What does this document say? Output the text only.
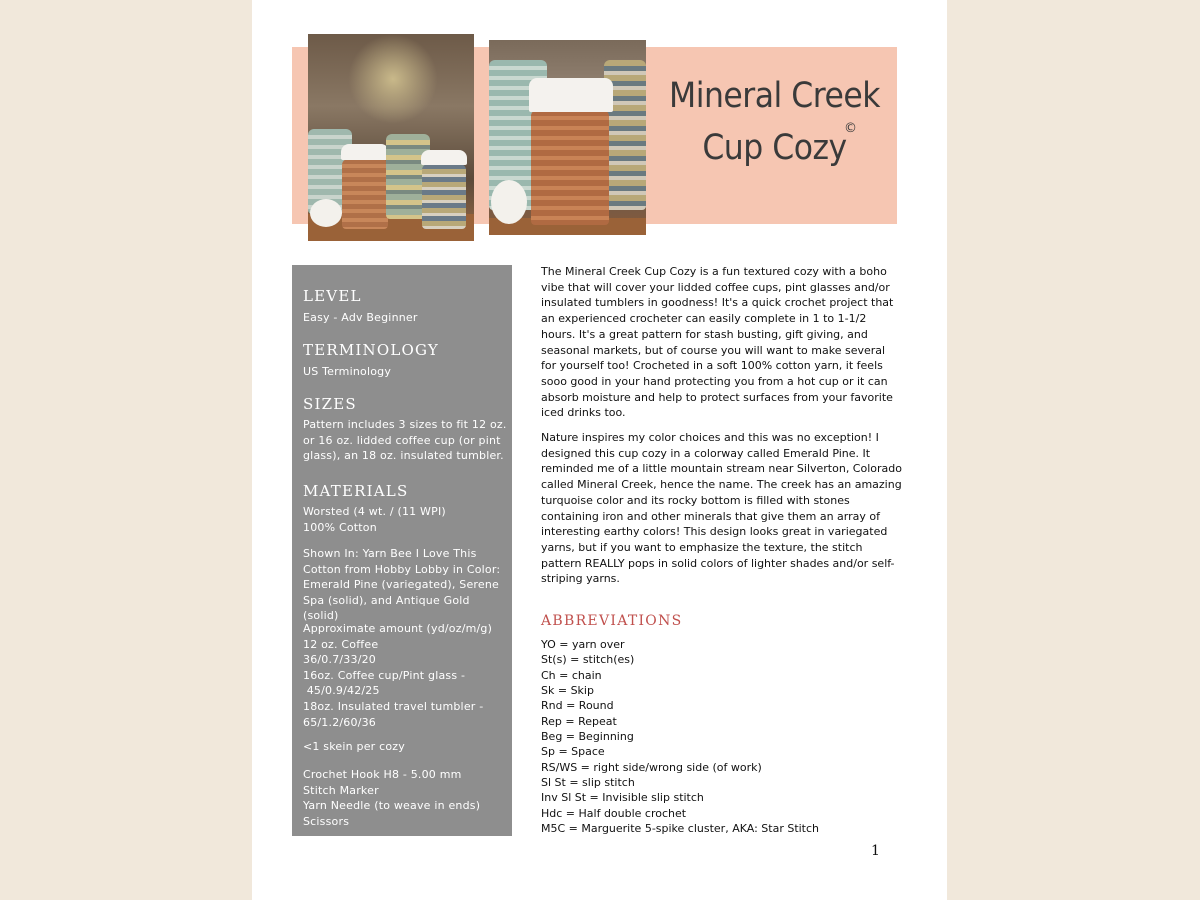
Mineral Creek
Cup Cozy
©
LEVEL
Easy - Adv Beginner
TERMINOLOGY
US Terminology
SIZES
Pattern includes 3 sizes to fit 12 oz. or 16 oz. lidded coffee cup (or pint glass), an 18 oz. insulated tumbler.
MATERIALS
Worsted (4 wt. / (11 WPI)
100% Cotton
Shown In: Yarn Bee I Love This Cotton from Hobby Lobby in Color: Emerald Pine (variegated), Serene Spa (solid), and Antique Gold (solid)
Approximate amount (yd/oz/m/g)
12 oz. Coffee
36/0.7/33/20
16oz. Coffee cup/Pint glass -
45/0.9/42/25
18oz. Insulated travel tumbler -
65/1.2/60/36
<1 skein per cozy
Crochet Hook H8 - 5.00 mm
Stitch Marker
Yarn Needle (to weave in ends)
Scissors
The Mineral Creek Cup Cozy is a fun textured cozy with a boho vibe that will cover your lidded coffee cups, pint glasses and/or insulated tumblers in goodness! It's a quick crochet project that an experienced crocheter can easily complete in 1 to 1-1/2 hours. It's a great pattern for stash busting, gift giving, and seasonal markets, but of course you will want to make several for yourself too! Crocheted in a soft 100% cotton yarn, it feels sooo good in your hand protecting you from a hot cup or it can absorb moisture and help to protect surfaces from your favorite iced drinks too.
Nature inspires my color choices and this was no exception! I designed this cup cozy in a colorway called Emerald Pine. It reminded me of a little mountain stream near Silverton, Colorado called Mineral Creek, hence the name. The creek has an amazing turquoise color and its rocky bottom is filled with stones containing iron and other minerals that give them an array of interesting earthy colors! This design looks great in variegated yarns, but if you want to emphasize the texture, the stitch pattern REALLY pops in solid colors of lighter shades and/or self-striping yarns.
ABBREVIATIONS
YO = yarn over
St(s) = stitch(es)
Ch = chain
Sk = Skip
Rnd = Round
Rep = Repeat
Beg = Beginning
Sp = Space
RS/WS = right side/wrong side (of work)
Sl St = slip stitch
Inv Sl St = Invisible slip stitch
Hdc = Half double crochet
M5C = Marguerite 5-spike cluster, AKA: Star Stitch
1
